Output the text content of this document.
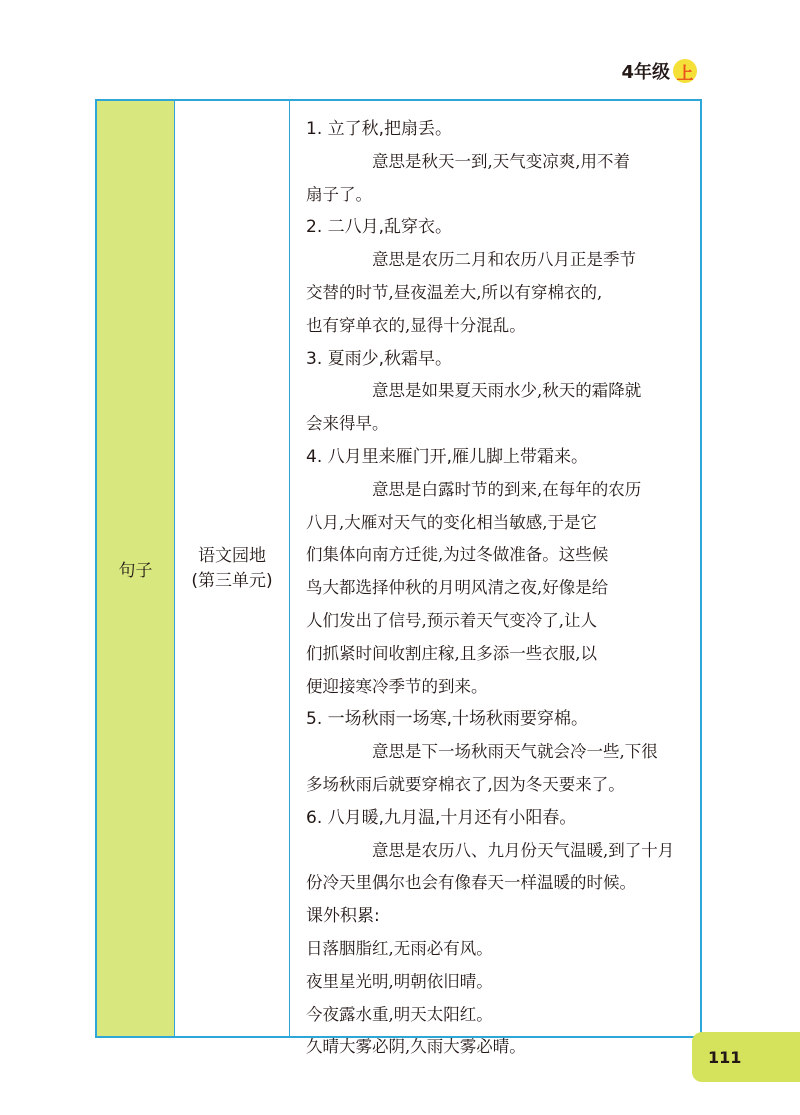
4年级 上
句子
语文园地
(第三单元)
1. 立了秋,把扇丢。
意思是秋天一到,天气变凉爽,用不着
扇子了。
2. 二八月,乱穿衣。
意思是农历二月和农历八月正是季节
交替的时节,昼夜温差大,所以有穿棉衣的,
也有穿单衣的,显得十分混乱。
3. 夏雨少,秋霜早。
意思是如果夏天雨水少,秋天的霜降就
会来得早。
4. 八月里来雁门开,雁儿脚上带霜来。
意思是白露时节的到来,在每年的农历
八月,大雁对天气的变化相当敏感,于是它
们集体向南方迁徙,为过冬做准备。这些候
鸟大都选择仲秋的月明风清之夜,好像是给
人们发出了信号,预示着天气变冷了,让人
们抓紧时间收割庄稼,且多添一些衣服,以
便迎接寒冷季节的到来。
5. 一场秋雨一场寒,十场秋雨要穿棉。
意思是下一场秋雨天气就会冷一些,下很
多场秋雨后就要穿棉衣了,因为冬天要来了。
6. 八月暖,九月温,十月还有小阳春。
意思是农历八、九月份天气温暖,到了十月
份冷天里偶尔也会有像春天一样温暖的时候。
课外积累:
日落胭脂红,无雨必有风。
夜里星光明,明朝依旧晴。
今夜露水重,明天太阳红。
久晴大雾必阴,久雨大雾必晴。
111
